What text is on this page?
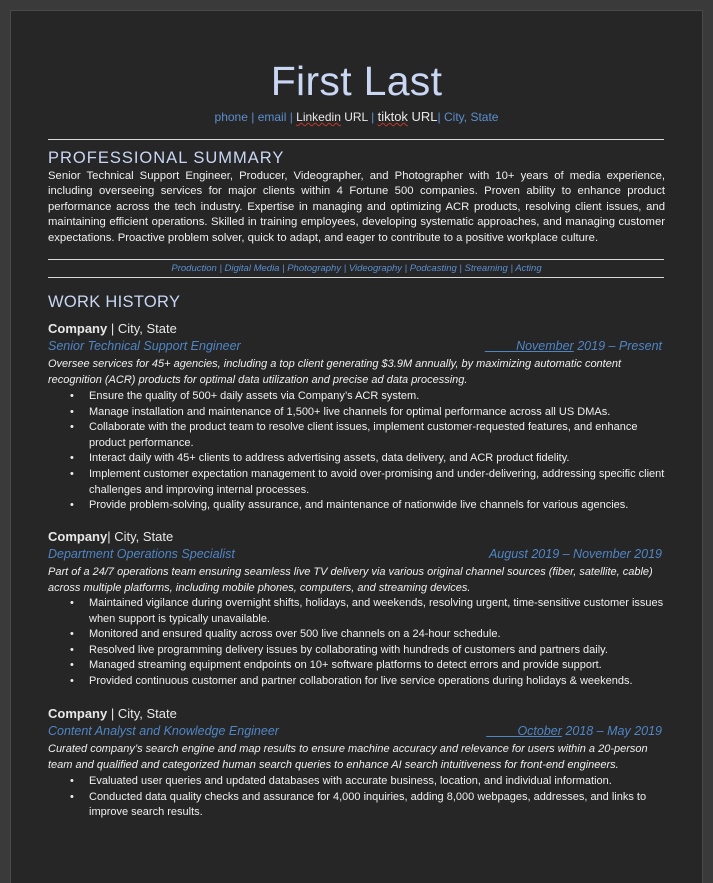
First Last
phone | email | Linkedin URL | tiktok URL| City, State
PROFESSIONAL SUMMARY
Senior Technical Support Engineer, Producer, Videographer, and Photographer with 10+ years of media experience, including overseeing services for major clients within 4 Fortune 500 companies. Proven ability to enhance product performance across the tech industry. Expertise in managing and optimizing ACR products, resolving client issues, and maintaining efficient operations. Skilled in training employees, developing systematic approaches, and managing customer expectations. Proactive problem solver, quick to adapt, and eager to contribute to a positive workplace culture.
Production | Digital Media | Photography | Videography | Podcasting | Streaming | Acting
WORK HISTORY
Company | City, State
Senior Technical Support Engineer	November 2019 – Present
Oversee services for 45+ agencies, including a top client generating $3.9M annually, by maximizing automatic content recognition (ACR) products for optimal data utilization and precise ad data processing.
• Ensure the quality of 500+ daily assets via Company’s ACR system.
• Manage installation and maintenance of 1,500+ live channels for optimal performance across all US DMAs.
• Collaborate with the product team to resolve client issues, implement customer-requested features, and enhance product performance.
• Interact daily with 45+ clients to address advertising assets, data delivery, and ACR product fidelity.
• Implement customer expectation management to avoid over-promising and under-delivering, addressing specific client challenges and improving internal processes.
• Provide problem-solving, quality assurance, and maintenance of nationwide live channels for various agencies.
Company| City, State
Department Operations Specialist	August 2019 – November 2019
Part of a 24/7 operations team ensuring seamless live TV delivery via various original channel sources (fiber, satellite, cable) across multiple platforms, including mobile phones, computers, and streaming devices.
• Maintained vigilance during overnight shifts, holidays, and weekends, resolving urgent, time-sensitive customer issues when support is typically unavailable.
• Monitored and ensured quality across over 500 live channels on a 24-hour schedule.
• Resolved live programming delivery issues by collaborating with hundreds of customers and partners daily.
• Managed streaming equipment endpoints on 10+ software platforms to detect errors and provide support.
• Provided continuous customer and partner collaboration for live service operations during holidays & weekends.
Company | City, State
Content Analyst and Knowledge Engineer	October 2018 – May 2019
Curated company’s search engine and map results to ensure machine accuracy and relevance for users within a 20-person team and qualified and categorized human search queries to enhance AI search intuitiveness for front-end engineers.
• Evaluated user queries and updated databases with accurate business, location, and individual information.
• Conducted data quality checks and assurance for 4,000 inquiries, adding 8,000 webpages, addresses, and links to improve search results.
